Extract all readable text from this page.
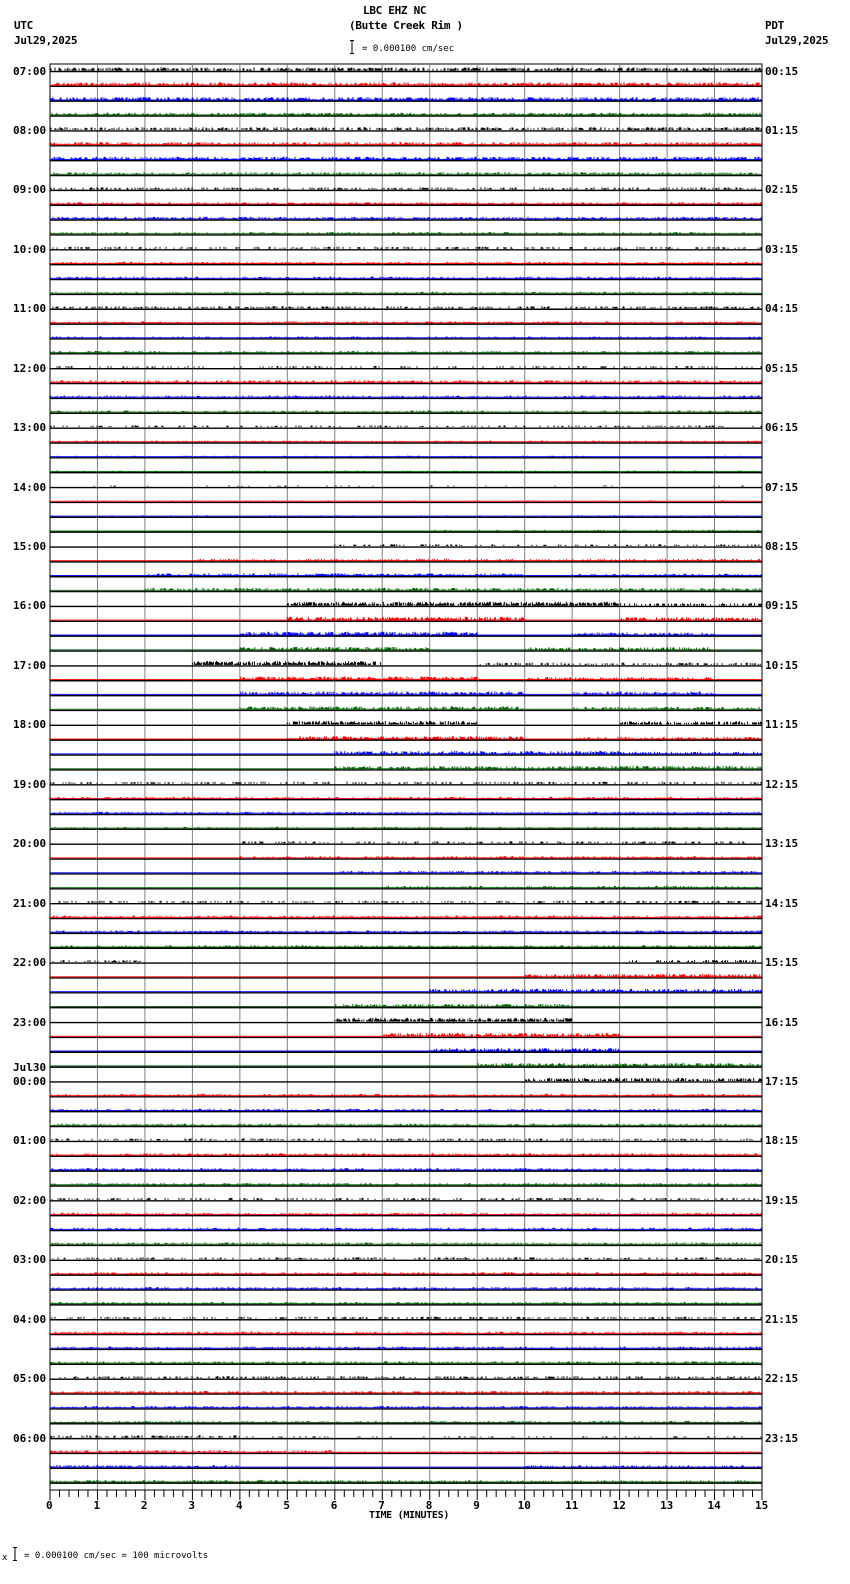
LBC EHZ NC
(Butte Creek Rim )
UTC
Jul29,2025
PDT
Jul29,2025
= 0.000100 cm/sec
07:00
08:00
09:00
10:00
11:00
12:00
13:00
14:00
15:00
16:00
17:00
18:00
19:00
20:00
21:00
22:00
23:00
00:00
Jul30
01:00
02:00
03:00
04:00
05:00
06:00
00:15
01:15
02:15
03:15
04:15
05:15
06:15
07:15
08:15
09:15
10:15
11:15
12:15
13:15
14:15
15:15
16:15
17:15
18:15
19:15
20:15
21:15
22:15
23:15
0	1	2	3	4	5	6	7	8	9	10	11	12	13	14	15
TIME (MINUTES)
x = 0.000100 cm/sec = 100 microvolts
